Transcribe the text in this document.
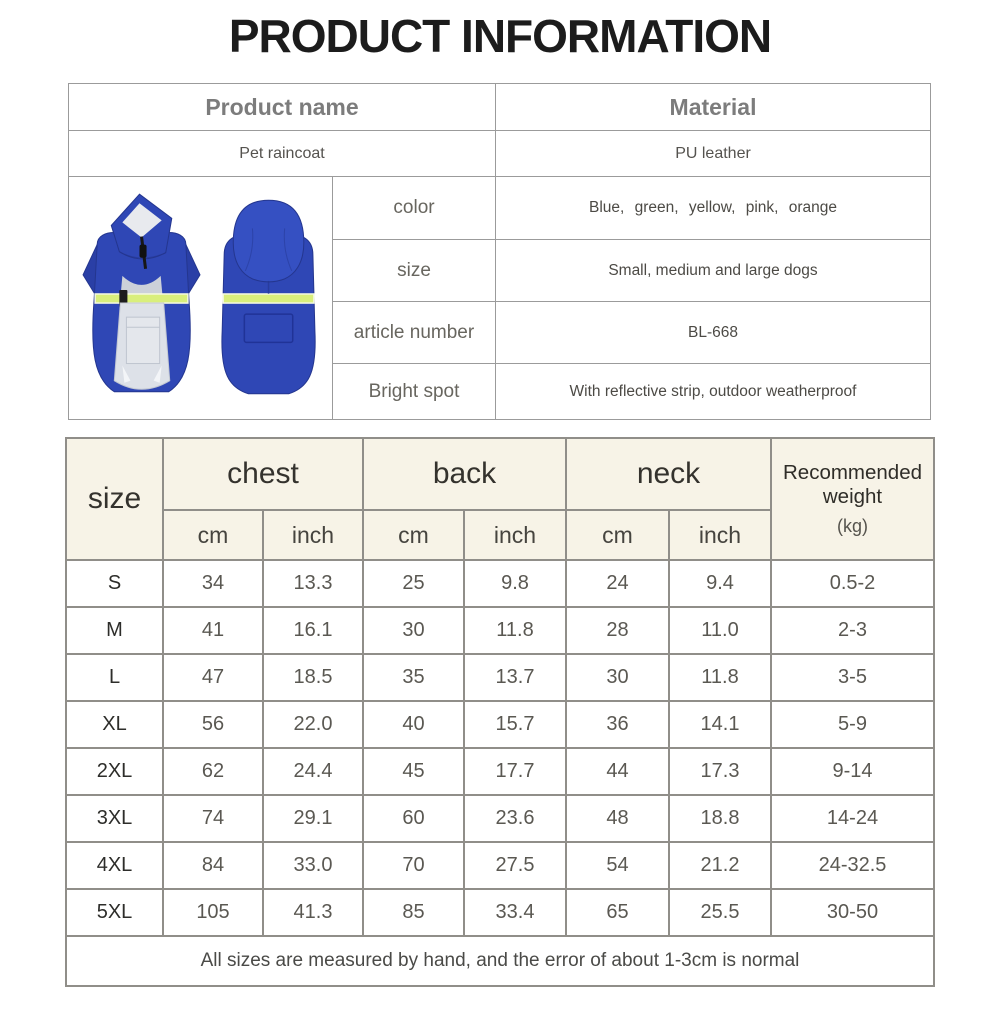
PRODUCT INFORMATION
Product name		Material
Pet raincoat		PU leather
	color	Blue, green, yellow, pink, orange
	size	Small, medium and large dogs
	article number	BL-668
	Bright spot	With reflective strip, outdoor weatherproof
size	chest		back		neck		Recommended weight
(kg)

	cm	inch	cm	inch	cm	inch	
S	34	13.3	25	9.8	24	9.4	0.5-2
M	41	16.1	30	11.8	28	11.0	2-3
L	47	18.5	35	13.7	30	11.8	3-5
XL	56	22.0	40	15.7	36	14.1	5-9
2XL	62	24.4	45	17.7	44	17.3	9-14
3XL	74	29.1	60	23.6	48	18.8	14-24
4XL	84	33.0	70	27.5	54	21.2	24-32.5
5XL	105	41.3	85	33.4	65	25.5	30-50
All sizes are measured by hand, and the error of about 1-3cm is normal							
